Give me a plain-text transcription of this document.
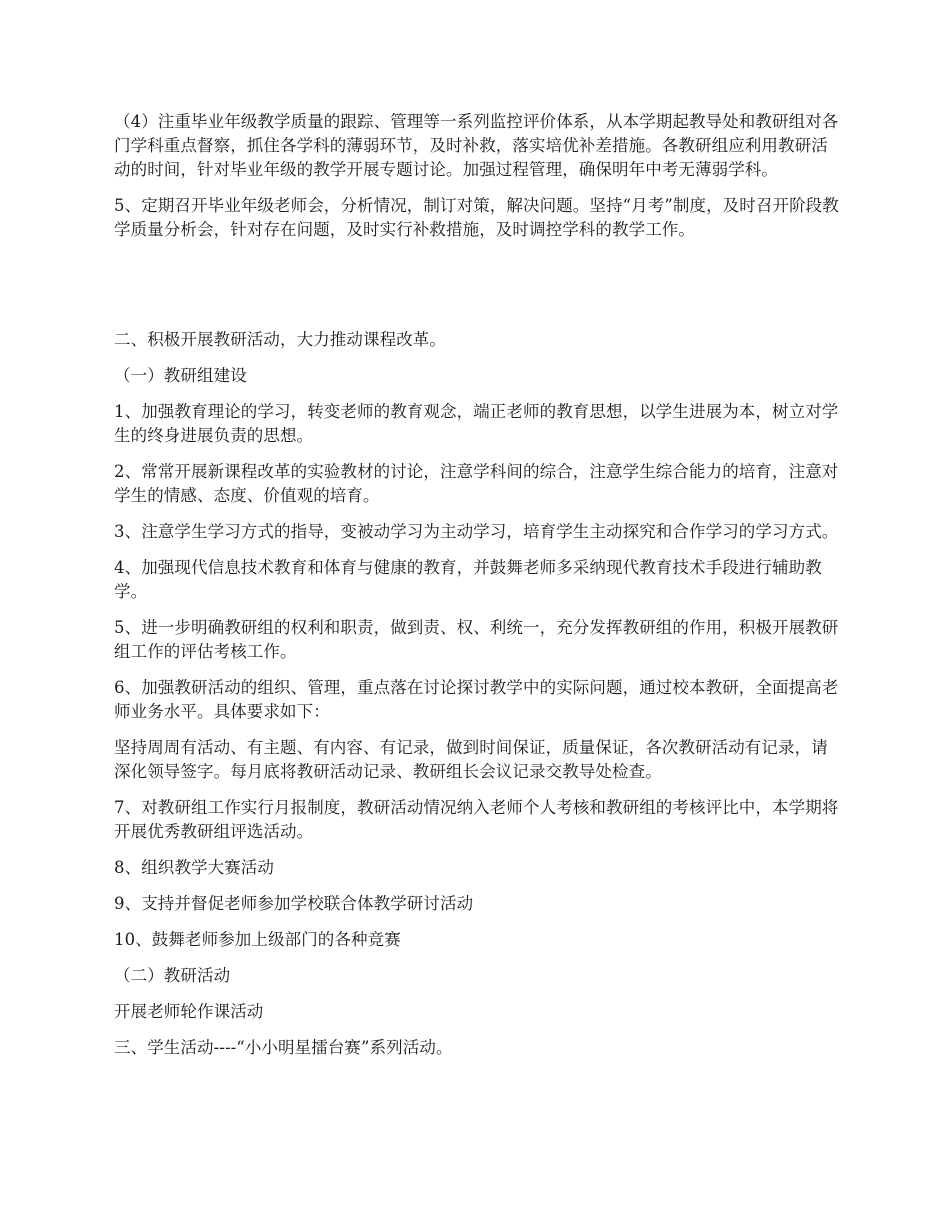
（4）注重毕业年级教学质量的跟踪、管理等一系列监控评价体系，从本学期起教导处和教研组对各门学科重点督察，抓住各学科的薄弱环节，及时补救，落实培优补差措施。各教研组应利用教研活动的时间，针对毕业年级的教学开展专题讨论。加强过程管理，确保明年中考无薄弱学科。

5、定期召开毕业年级老师会，分析情况，制订对策，解决问题。坚持“月考”制度，及时召开阶段教学质量分析会，针对存在问题，及时实行补救措施，及时调控学科的教学工作。

二、积极开展教研活动，大力推动课程改革。

（一）教研组建设

1、加强教育理论的学习，转变老师的教育观念，端正老师的教育思想，以学生进展为本，树立对学生的终身进展负责的思想。

2、常常开展新课程改革的实验教材的讨论，注意学科间的综合，注意学生综合能力的培育，注意对学生的情感、态度、价值观的培育。

3、注意学生学习方式的指导，变被动学习为主动学习，培育学生主动探究和合作学习的学习方式。

4、加强现代信息技术教育和体育与健康的教育，并鼓舞老师多采纳现代教育技术手段进行辅助教学。

5、进一步明确教研组的权利和职责，做到责、权、利统一，充分发挥教研组的作用，积极开展教研组工作的评估考核工作。

6、加强教研活动的组织、管理，重点落在讨论探讨教学中的实际问题，通过校本教研，全面提高老师业务水平。具体要求如下：

坚持周周有活动、有主题、有内容、有记录，做到时间保证，质量保证，各次教研活动有记录，请深化领导签字。每月底将教研活动记录、教研组长会议记录交教导处检查。

7、对教研组工作实行月报制度，教研活动情况纳入老师个人考核和教研组的考核评比中，本学期将开展优秀教研组评选活动。

8、组织教学大赛活动

9、支持并督促老师参加学校联合体教学研讨活动

10、鼓舞老师参加上级部门的各种竞赛

（二）教研活动

开展老师轮作课活动

三、学生活动----“小小明星擂台赛”系列活动。
